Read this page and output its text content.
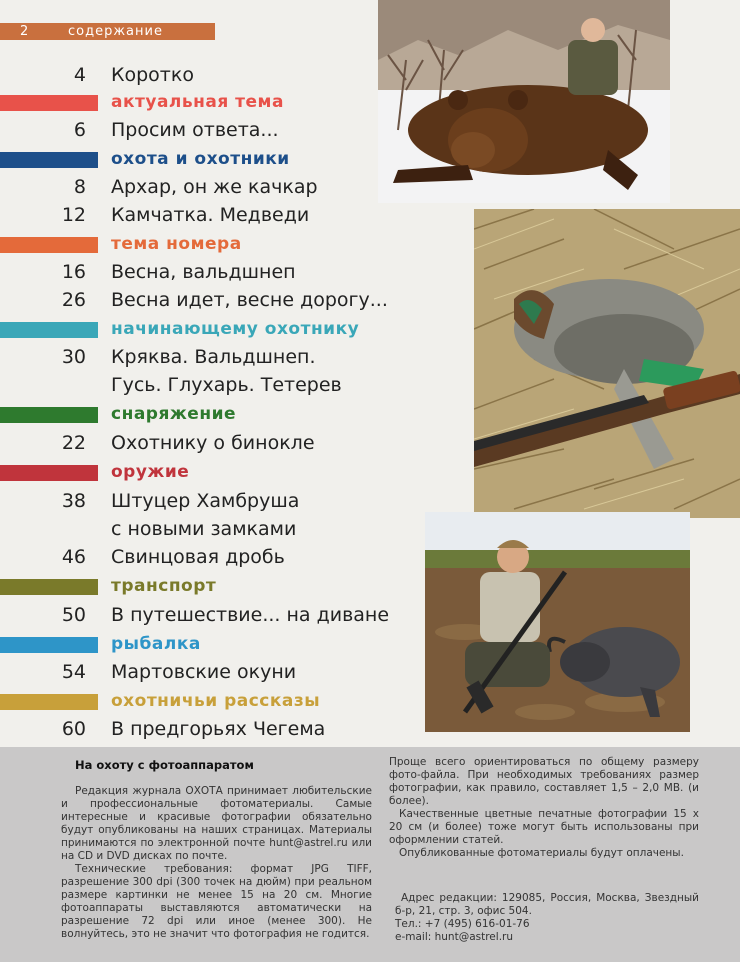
2	содержание
4 Коротко
актуальная тема
6 Просим ответа...
охота и охотники
8 Архар, он же качкар
12 Камчатка. Медведи
тема номера
16 Весна, вальдшнеп
26 Весна идет, весне дорогу...
начинающему охотнику
30 Кряква. Вальдшнеп.
Гусь. Глухарь. Тетерев
снаряжение
22 Охотнику о бинокле
оружие
38 Штуцер Хамбруша
с новыми замками
46 Свинцовая дробь
транспорт
50 В путешествие... на диване
рыбалка
54 Мартовские окуни
охотничьи рассказы
60 В предгорьях Чегема
На охоту с фотоаппаратом

Редакция журнала ОХОТА принимает любительские и профессиональные фотоматериалы. Самые интересные и красивые фотографии обязательно будут опубликованы на наших страницах. Материалы принимаются по электронной почте hunt@astrel.ru или на CD и DVD дисках по почте.

Технические требования: формат JPG TIFF, разрешение 300 dpi (300 точек на дюйм) при реальном размере картинки не менее 15 на 20 см. Многие фотоаппараты выставляются автоматически на разрешение 72 dpi или иное (менее 300). Не волнуйтесь, это не значит что фотография не годится.

Проще всего ориентироваться по общему размеру фото-файла. При необходимых требованиях размер фотографии, как правило, составляет 1,5 – 2,0 МВ. (и более).

Качественные цветные печатные фотографии 15 х 20 см (и более) тоже могут быть использованы при оформлении статей.

Опубликованные фотоматериалы будут оплачены.

Адрес редакции: 129085, Россия, Москва, Звездный б-р, 21, стр. 3, офис 504.

Тел.: +7 (495) 616-01-76

e-mail: hunt@astrel.ru
